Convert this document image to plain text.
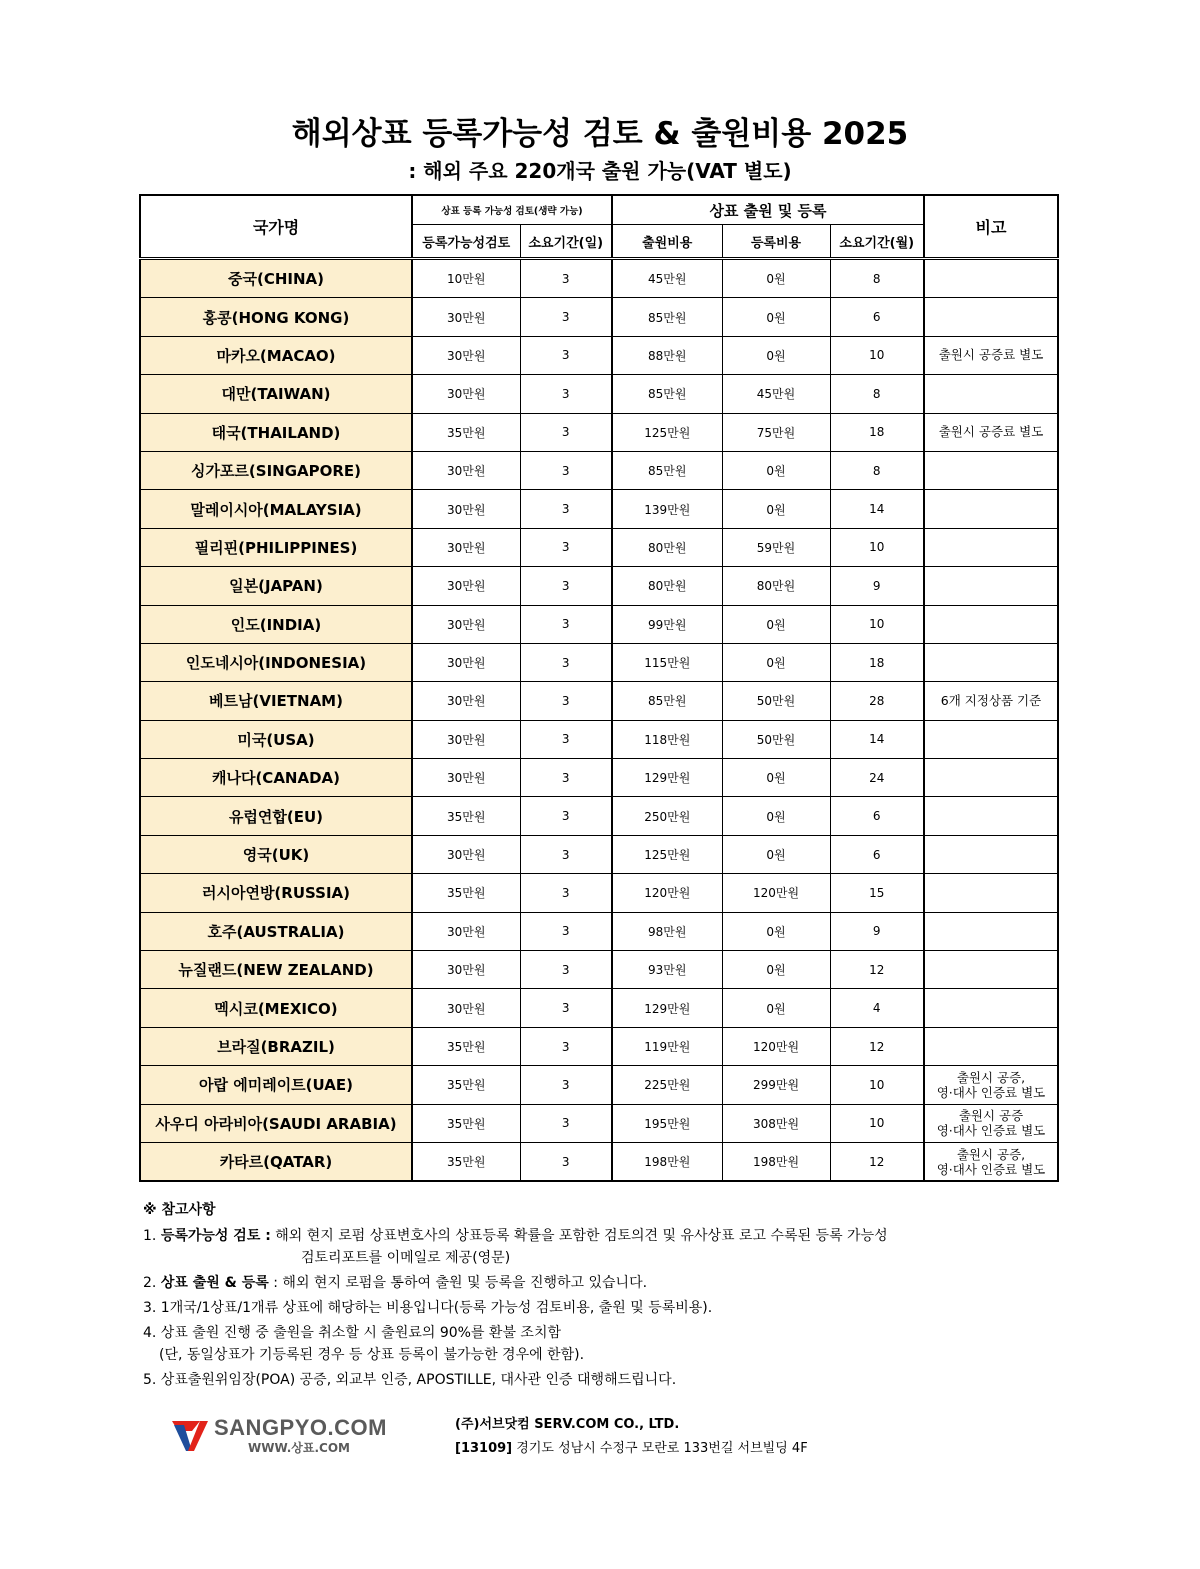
해외상표 등록가능성 검토 & 출원비용 2025
: 해외 주요 220개국 출원 가능(VAT 별도)
국가명	상표 등록 가능성 검토(생략 가능)		상표 출원 및 등록			비고
	등록가능성검토	소요기간(일)	출원비용	등록비용	소요기간(월)	
중국(CHINA)	10만원	3	45만원	0원	8	
홍콩(HONG KONG)	30만원	3	85만원	0원	6	
마카오(MACAO)	30만원	3	88만원	0원	10	출원시 공증료 별도
대만(TAIWAN)	30만원	3	85만원	45만원	8	
태국(THAILAND)	35만원	3	125만원	75만원	18	출원시 공증료 별도
싱가포르(SINGAPORE)	30만원	3	85만원	0원	8	
말레이시아(MALAYSIA)	30만원	3	139만원	0원	14	
필리핀(PHILIPPINES)	30만원	3	80만원	59만원	10	
일본(JAPAN)	30만원	3	80만원	80만원	9	
인도(INDIA)	30만원	3	99만원	0원	10	
인도네시아(INDONESIA)	30만원	3	115만원	0원	18	
베트남(VIETNAM)	30만원	3	85만원	50만원	28	6개 지정상품 기준
미국(USA)	30만원	3	118만원	50만원	14	
캐나다(CANADA)	30만원	3	129만원	0원	24	
유럽연합(EU)	35만원	3	250만원	0원	6	
영국(UK)	30만원	3	125만원	0원	6	
러시아연방(RUSSIA)	35만원	3	120만원	120만원	15	
호주(AUSTRALIA)	30만원	3	98만원	0원	9	
뉴질랜드(NEW ZEALAND)	30만원	3	93만원	0원	12	
멕시코(MEXICO)	30만원	3	129만원	0원	4	
브라질(BRAZIL)	35만원	3	119만원	120만원	12	
아랍 에미레이트(UAE)	35만원	3	225만원	299만원	10	출원시 공증,
영·대사 인증료 별도
사우디 아라비아(SAUDI ARABIA)	35만원	3	195만원	308만원	10	출원시 공증
영·대사 인증료 별도
카타르(QATAR)	35만원	3	198만원	198만원	12	출원시 공증,
영·대사 인증료 별도
※ 참고사항
1. 등록가능성 검토 : 해외 현지 로펌 상표변호사의 상표등록 확률을 포함한 검토의견 및 유사상표 로고 수록된 등록 가능성
검토리포트를 이메일로 제공(영문)
2. 상표 출원 & 등록 : 해외 현지 로펌을 통하여 출원 및 등록을 진행하고 있습니다.
3. 1개국/1상표/1개류 상표에 해당하는 비용입니다(등록 가능성 검토비용, 출원 및 등록비용).
4. 상표 출원 진행 중 출원을 취소할 시 출원료의 90%를 환불 조치함
(단, 동일상표가 기등록된 경우 등 상표 등록이 불가능한 경우에 한함).
5. 상표출원위임장(POA) 공증, 외교부 인증, APOSTILLE, 대사관 인증 대행해드립니다.
SANGPYO.COM
WWW.상표.COM
(주)서브닷컴 SERV.COM CO., LTD.
[13109] 경기도 성남시 수정구 모란로 133번길 서브빌딩 4F
